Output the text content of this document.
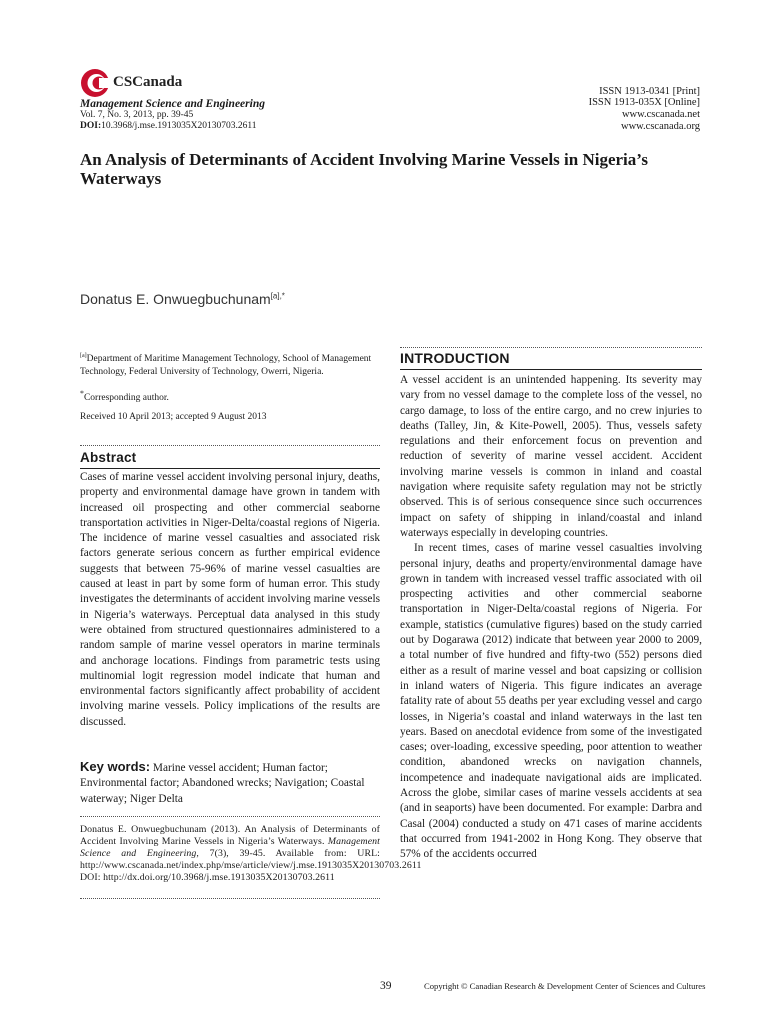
CSCanada
Management Science and Engineering
Vol. 7, No. 3, 2013, pp. 39-45
DOI:10.3968/j.mse.1913035X20130703.2611
ISSN 1913-0341 [Print]
ISSN 1913-035X [Online]
www.cscanada.net
www.cscanada.org
An Analysis of Determinants of Accident Involving Marine Vessels in Nigeria’s Waterways
Donatus E. Onwuegbuchunam$^{[a],*}$
[a]Department of Maritime Management Technology, School of Management Technology, Federal University of Technology, Owerri, Nigeria.
*Corresponding author.
Received 10 April 2013; accepted 9 August 2013
Abstract
Cases of marine vessel accident involving personal injury, deaths, property and environmental damage have grown in tandem with increased oil prospecting and other commercial seaborne transportation activities in Niger-Delta/coastal regions of Nigeria. The incidence of marine vessel casualties and associated risk factors generate serious concern as further empirical evidence suggests that between 75-96% of marine vessel casualties are caused at least in part by some form of human error. This study investigates the determinants of accident involving marine vessels in Nigeria’s waterways. Perceptual data analysed in this study were obtained from structured questionnaires administered to a random sample of marine vessel operators in marine terminals and anchorage locations. Findings from parametric tests using multinomial logit regression model indicate that human and environmental factors significantly affect probability of accident involving marine vessels. Policy implications of the results are discussed.
Key words: Marine vessel accident; Human factor; Environmental factor; Abandoned wrecks; Navigation; Coastal waterway; Niger Delta
Donatus E. Onwuegbuchunam (2013). An Analysis of Determinants of Accident Involving Marine Vessels in Nigeria’s Waterways. Management Science and Engineering, 7(3), 39-45. Available from: URL: http://www.cscanada.net/index.php/mse/article/view/j.mse.1913035X20130703.2611 DOI: http://dx.doi.org/10.3968/j.mse.1913035X20130703.2611
INTRODUCTION

A vessel accident is an unintended happening. Its severity may vary from no vessel damage to the complete loss of the vessel, no cargo damage, to loss of the entire cargo, and no crew injuries to deaths (Talley, Jin, & Kite-Powell, 2005). Thus, vessels safety regulations and their enforcement focus on prevention and reduction of severity of marine vessel accident. Accident involving marine vessels is common in inland and coastal navigation where requisite safety regulation may not be strictly observed. This is of serious consequence since such occurrences impact on safety of shipping in inland/coastal and inland waterways especially in developing countries.

In recent times, cases of marine vessel casualties involving personal injury, deaths and property/environmental damage have grown in tandem with increased vessel traffic associated with oil prospecting activities and other commercial seaborne transportation in Niger-Delta/coastal regions of Nigeria. For example, statistics (cumulative figures) based on the study carried out by Dogarawa (2012) indicate that between year 2000 to 2009, a total number of five hundred and fifty-two (552) persons died either as a result of marine vessel and boat capsizing or collision in inland waters of Nigeria. This figure indicates an average fatality rate of about 55 deaths per year excluding vessel and cargo losses, in Nigeria’s coastal and inland waterways in the last ten years. Based on anecdotal evidence from some of the investigated cases; over-loading, excessive speeding, poor attention to weather condition, abandoned wrecks on navigation channels, incompetence and inadequate navigational aids are implicated. Across the globe, similar cases of marine vessels accidents at sea (and in seaports) have been documented. For example: Darbra and Casal (2004) conducted a study on 471 cases of marine accidents that occurred from 1941-2002 in Hong Kong. They observe that 57% of the accidents occurred

39	Copyright © Canadian Research & Development Center of Sciences and Cultures
